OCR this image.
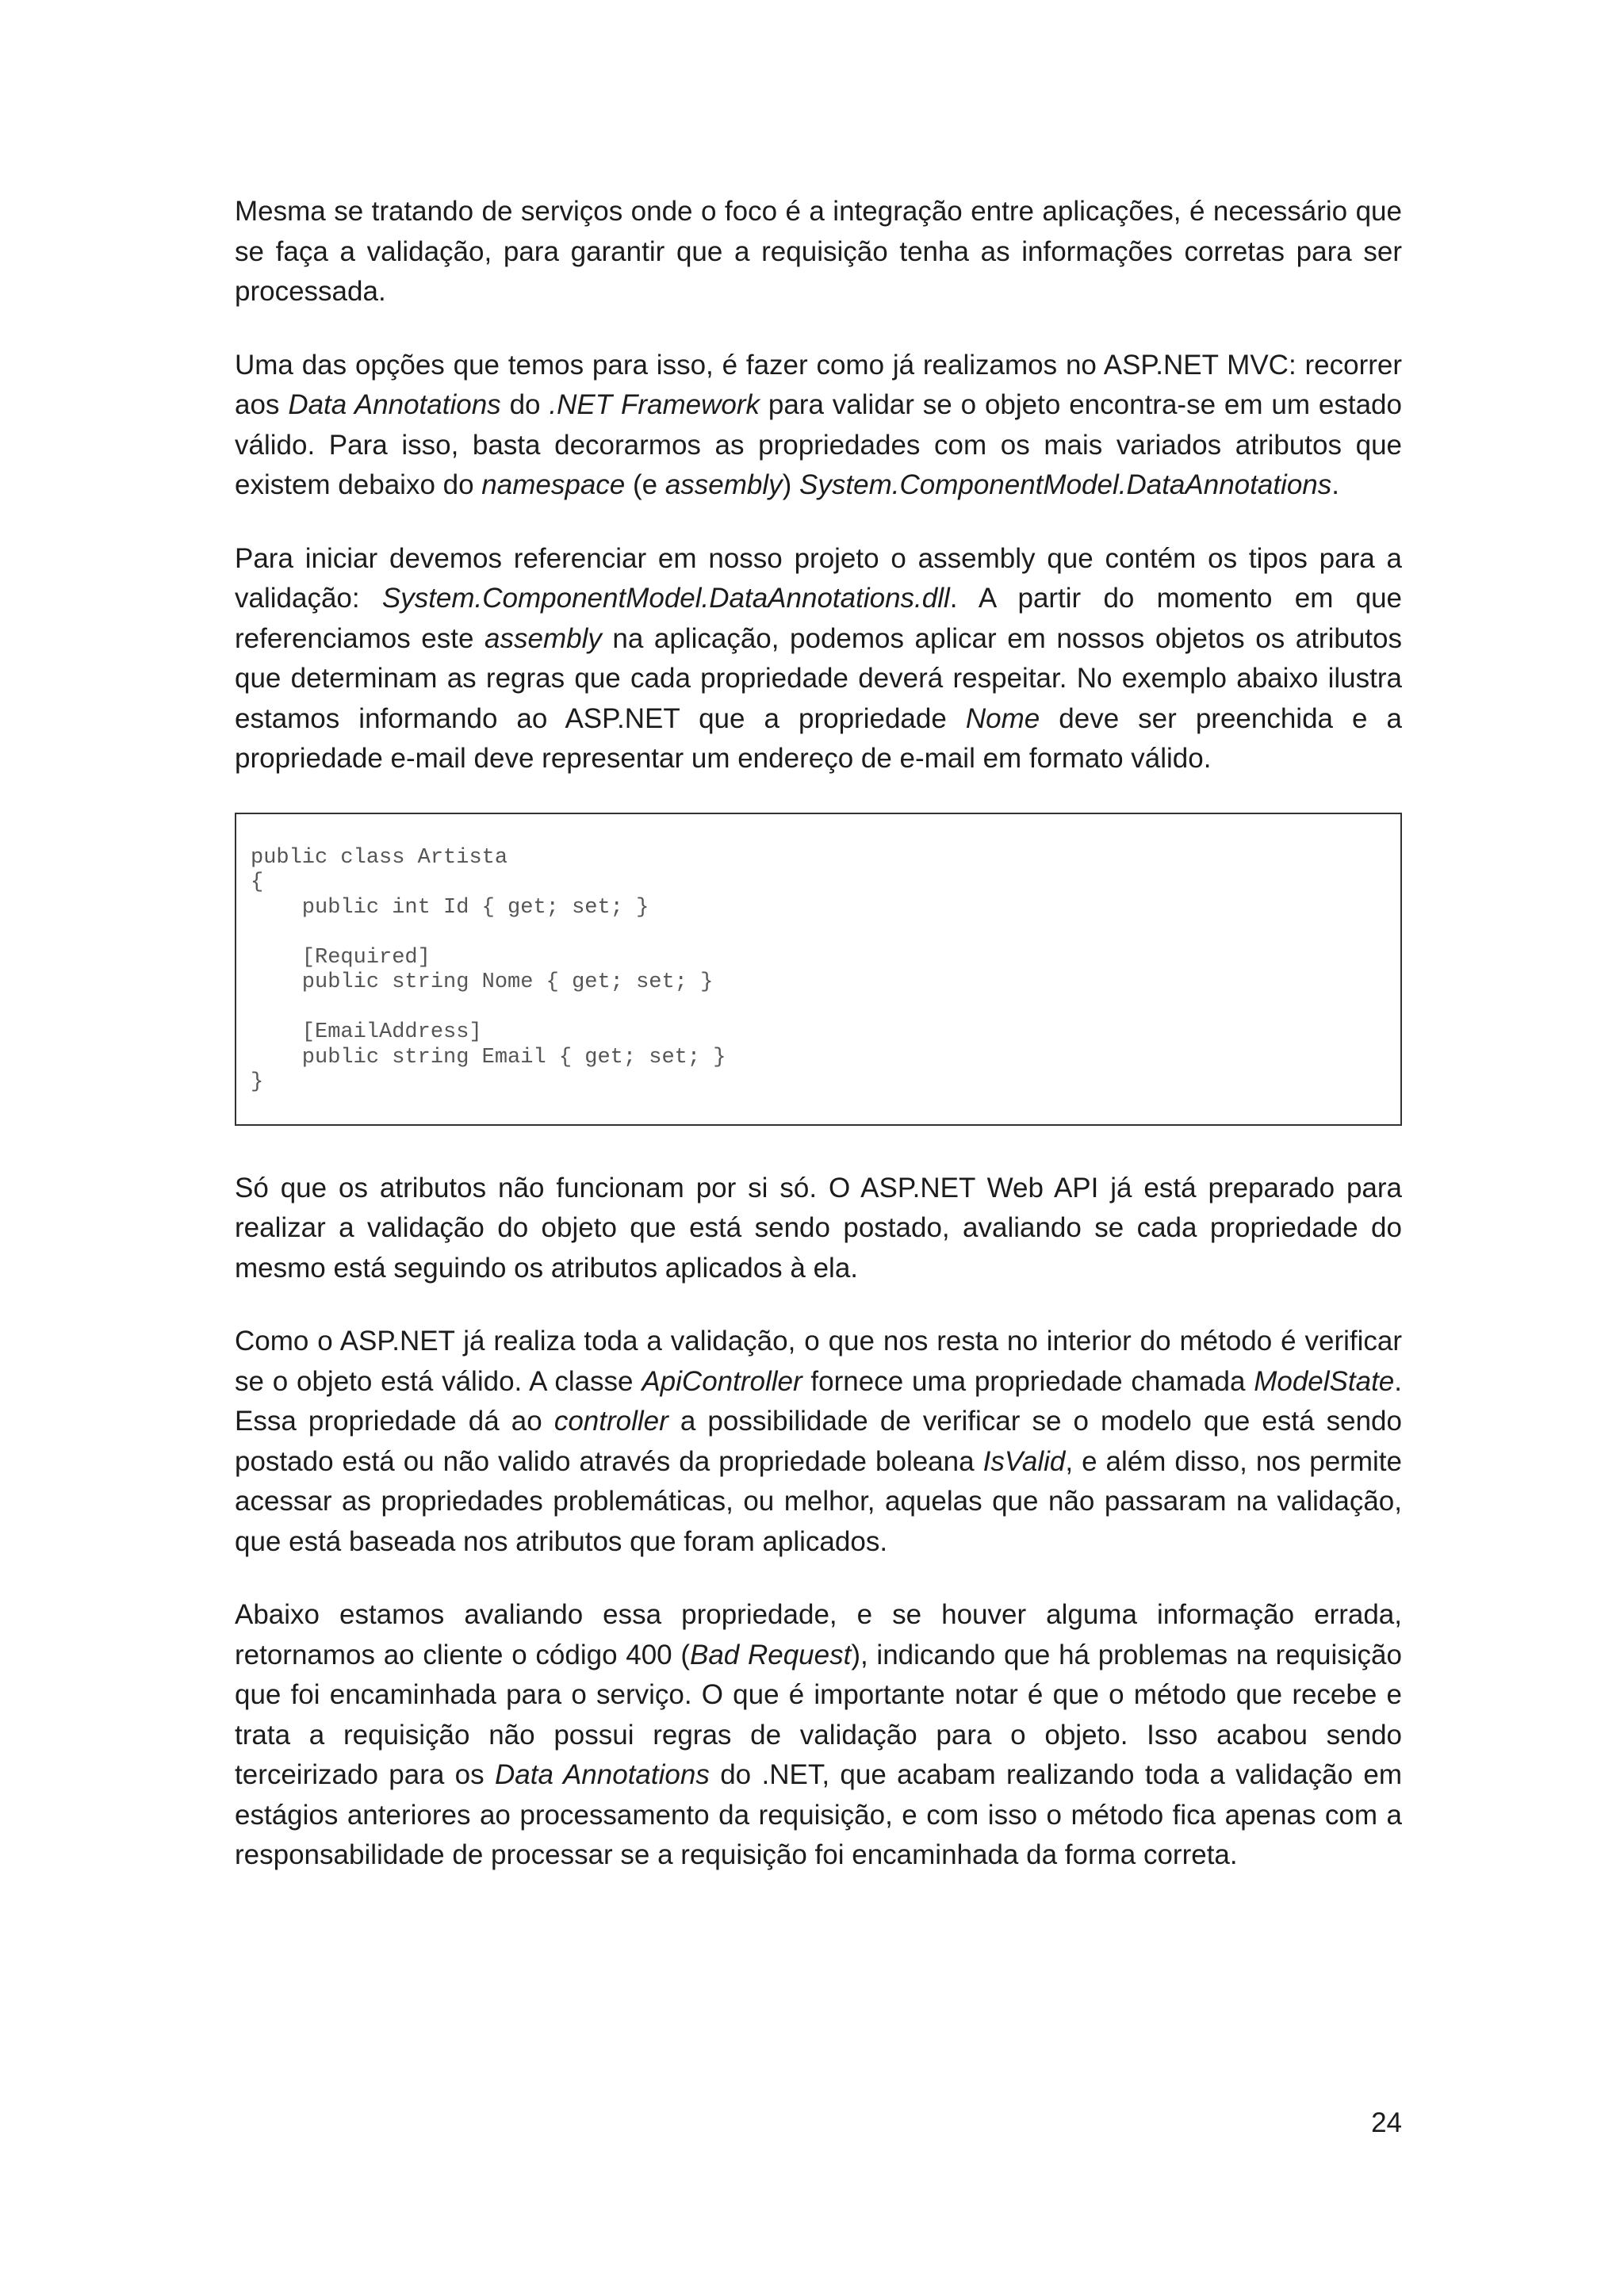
Mesma se tratando de serviços onde o foco é a integração entre aplicações, é necessário que se faça a validação, para garantir que a requisição tenha as informações corretas para ser processada.

Uma das opções que temos para isso, é fazer como já realizamos no ASP.NET MVC: recorrer aos Data Annotations do .NET Framework para validar se o objeto encontra-se em um estado válido. Para isso, basta decorarmos as propriedades com os mais variados atributos que existem debaixo do namespace (e assembly) System.ComponentModel.DataAnnotations.

Para iniciar devemos referenciar em nosso projeto o assembly que contém os tipos para a validação: System.ComponentModel.DataAnnotations.dll. A partir do momento em que referenciamos este assembly na aplicação, podemos aplicar em nossos objetos os atributos que determinam as regras que cada propriedade deverá respeitar. No exemplo abaixo ilustra estamos informando ao ASP.NET que a propriedade Nome deve ser preenchida e a propriedade e-mail deve representar um endereço de e-mail em formato válido.

public class Artista
{
public int Id { get; set; }

[Required]
public string Nome { get; set; }

[EmailAddress]
public string Email { get; set; }
}

Só que os atributos não funcionam por si só. O ASP.NET Web API já está preparado para realizar a validação do objeto que está sendo postado, avaliando se cada propriedade do mesmo está seguindo os atributos aplicados à ela.

Como o ASP.NET já realiza toda a validação, o que nos resta no interior do método é verificar se o objeto está válido. A classe ApiController fornece uma propriedade chamada ModelState. Essa propriedade dá ao controller a possibilidade de verificar se o modelo que está sendo postado está ou não valido através da propriedade boleana IsValid, e além disso, nos permite acessar as propriedades problemáticas, ou melhor, aquelas que não passaram na validação, que está baseada nos atributos que foram aplicados.

Abaixo estamos avaliando essa propriedade, e se houver alguma informação errada, retornamos ao cliente o código 400 (Bad Request), indicando que há problemas na requisição que foi encaminhada para o serviço. O que é importante notar é que o método que recebe e trata a requisição não possui regras de validação para o objeto. Isso acabou sendo terceirizado para os Data Annotations do .NET, que acabam realizando toda a validação em estágios anteriores ao processamento da requisição, e com isso o método fica apenas com a responsabilidade de processar se a requisição foi encaminhada da forma correta.

24
